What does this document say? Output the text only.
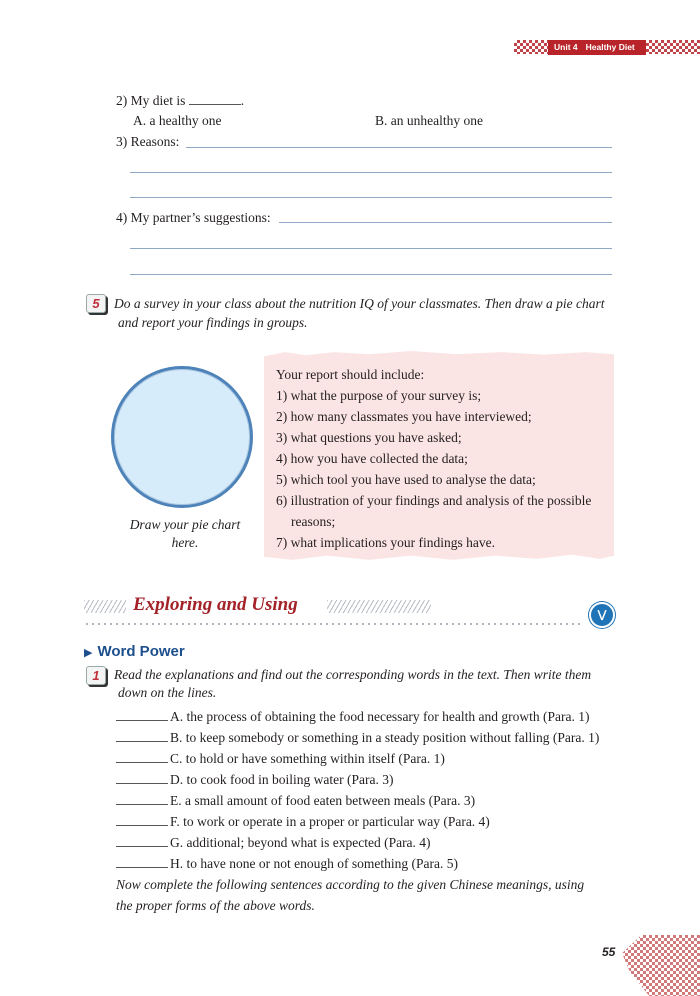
Unit 4 Healthy Diet
2) My diet is	.
A. a healthy one	B. an unhealthy one
3) Reasons:
4) My partner’s suggestions:
5	Do a survey in your class about the nutrition IQ of your classmates. Then draw a pie chart
and report your findings in groups.
Draw your pie chart
here.
Your report should include:
1) what the purpose of your survey is;
2) how many classmates you have interviewed;
3) what questions you have asked;
4) how you have collected the data;
5) which tool you have used to analyse the data;
6) illustration of your findings and analysis of the possible
reasons;
7) what implications your findings have.
Exploring and Using	⋁
▶ Word Power
1	Read the explanations and find out the corresponding words in the text. Then write them
down on the lines.
A. the process of obtaining the food necessary for health and growth (Para. 1)
B. to keep somebody or something in a steady position without falling (Para. 1)
C. to hold or have something within itself (Para. 1)
D. to cook food in boiling water (Para. 3)
E. a small amount of food eaten between meals (Para. 3)
F. to work or operate in a proper or particular way (Para. 4)
G. additional; beyond what is expected (Para. 4)
H. to have none or not enough of something (Para. 5)
Now complete the following sentences according to the given Chinese meanings, using
the proper forms of the above words.
55
